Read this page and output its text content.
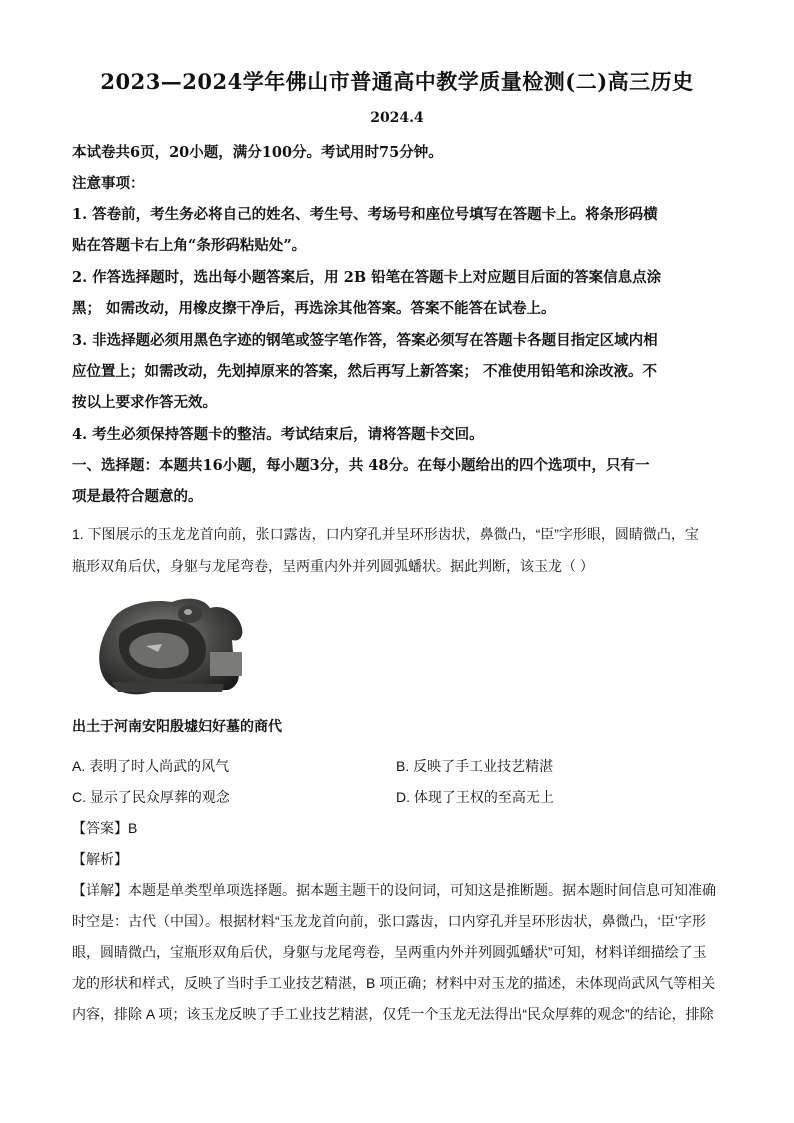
2023—2024学年佛山市普通高中教学质量检测(二)高三历史
2024.4
本试卷共6页，20小题，满分100分。考试用时75分钟。
注意事项：
1. 答卷前，考生务必将自己的姓名、考生号、考场号和座位号填写在答题卡上。将条形码横
贴在答题卡右上角“条形码粘贴处”。
2. 作答选择题时，选出每小题答案后，用 2B 铅笔在答题卡上对应题目后面的答案信息点涂
黑； 如需改动，用橡皮擦干净后，再选涂其他答案。答案不能答在试卷上。
3. 非选择题必须用黑色字迹的钢笔或签字笔作答，答案必须写在答题卡各题目指定区域内相
应位置上；如需改动，先划掉原来的答案，然后再写上新答案； 不准使用铅笔和涂改液。不
按以上要求作答无效。
4. 考生必须保持答题卡的整洁。考试结束后，请将答题卡交回。
一、选择题：本题共16小题，每小题3分，共 48分。在每小题给出的四个选项中，只有一
项是最符合题意的。
1. 下图展示的玉龙龙首向前，张口露齿，口内穿孔并呈环形齿状，鼻微凸，“臣”字形眼，圆睛微凸，宝
瓶形双角后伏，身躯与龙尾弯卷，呈两重内外并列圆弧蟠状。据此判断，该玉龙（ ）
出土于河南安阳殷墟妇好墓的商代
A. 表明了时人尚武的风气	B. 反映了手工业技艺精湛
C. 显示了民众厚葬的观念	D. 体现了王权的至高无上
【答案】B
【解析】
【详解】本题是单类型单项选择题。据本题主题干的设问词，可知这是推断题。据本题时间信息可知准确
时空是：古代（中国）。根据材料“玉龙龙首向前，张口露齿，口内穿孔并呈环形齿状，鼻微凸，‘臣’字形
眼，圆睛微凸，宝瓶形双角后伏，身躯与龙尾弯卷，呈两重内外并列圆弧蟠状”可知，材料详细描绘了玉
龙的形状和样式，反映了当时手工业技艺精湛，B 项正确；材料中对玉龙的描述，未体现尚武风气等相关
内容，排除 A 项；该玉龙反映了手工业技艺精湛，仅凭一个玉龙无法得出“民众厚葬的观念”的结论，排除
